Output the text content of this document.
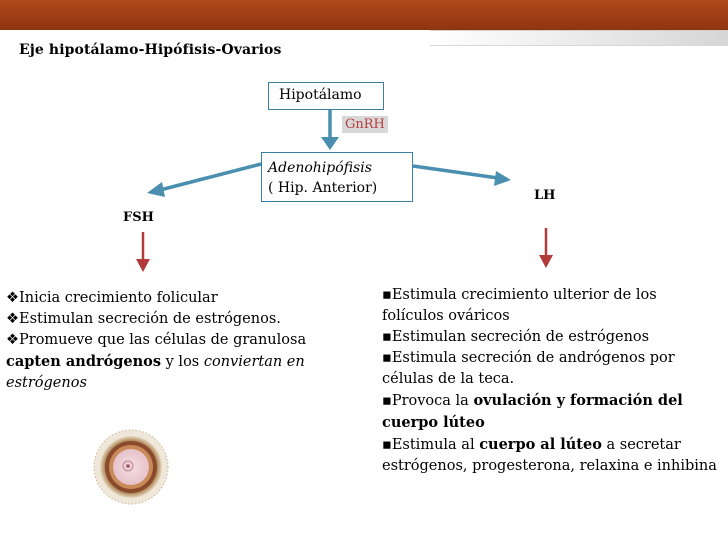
Eje hipotálamo-Hipófisis-Ovarios
Hipotálamo
GnRH
Adenohipófisis
( Hip. Anterior)
FSH
LH
❖Inicia crecimiento folicular
❖Estimulan secreción de estrógenos.
❖Promueve que las células de granulosa capten andrógenos y los conviertan en estrógenos
▪Estimula crecimiento ulterior de los folículos ováricos
▪Estimulan secreción de estrógenos
▪Estimula secreción de andrógenos por células de la teca.
▪Provoca la ovulación y formación del cuerpo lúteo
▪Estimula al cuerpo al lúteo a secretar estrógenos, progesterona, relaxina e inhibina
